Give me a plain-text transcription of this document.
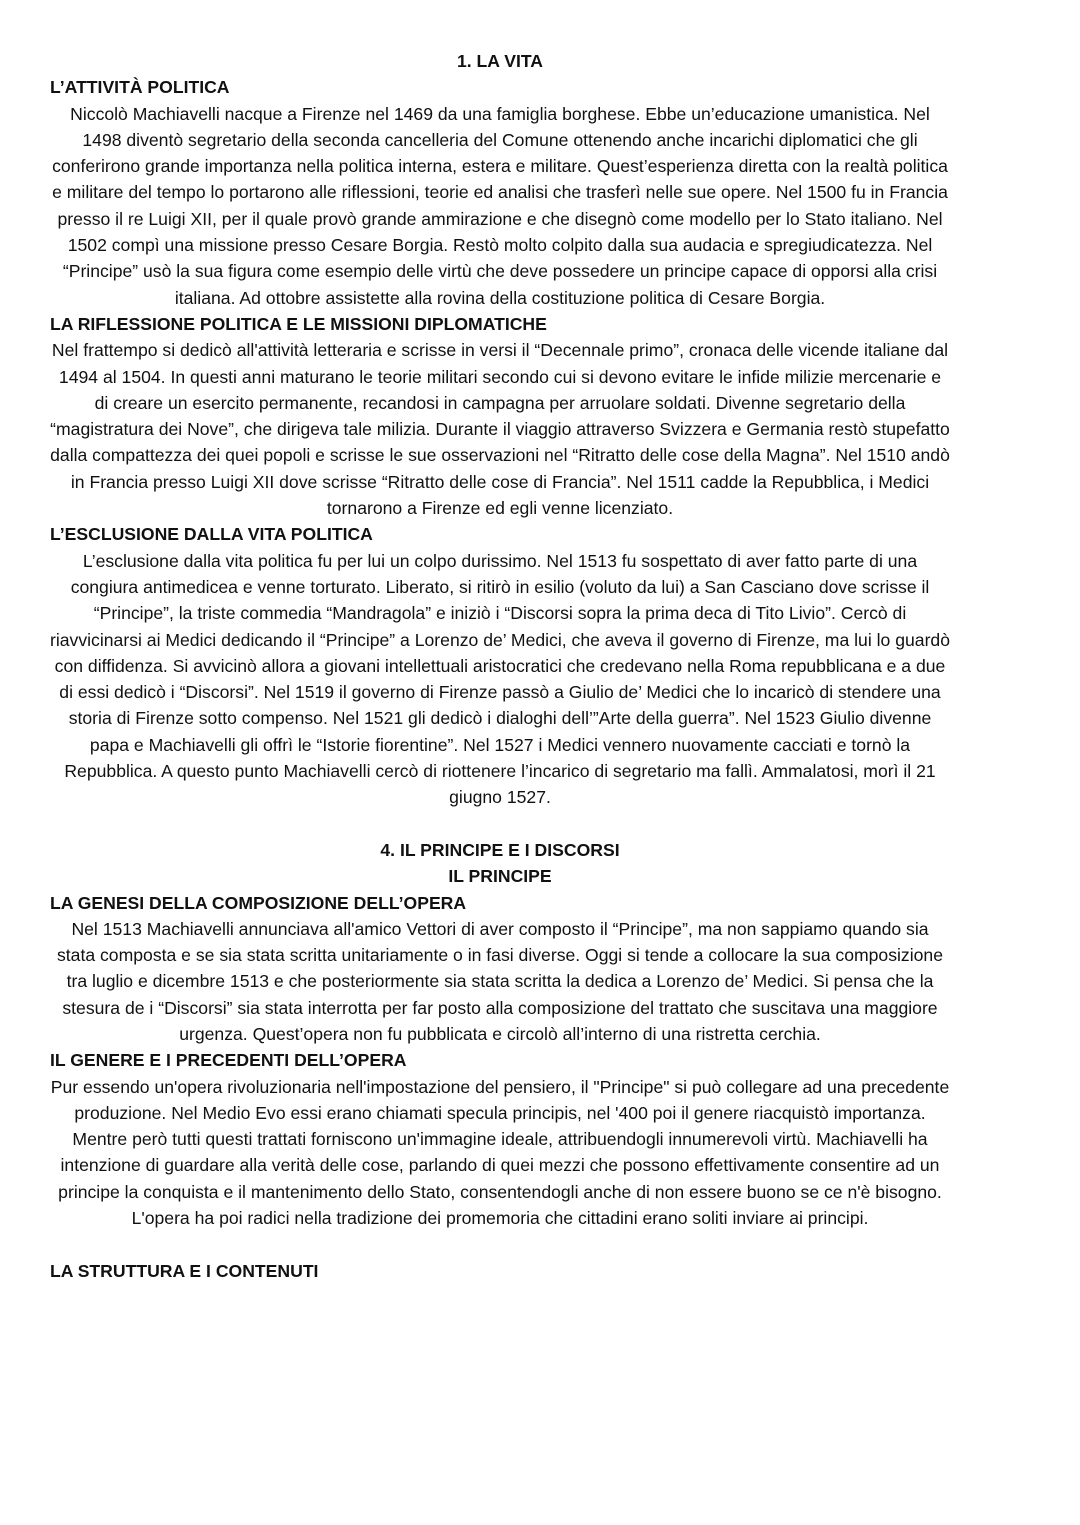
1. LA VITA

L’ATTIVITÀ POLITICA

Niccolò Machiavelli nacque a Firenze nel 1469 da una famiglia borghese. Ebbe un’educazione umanistica. Nel 1498 diventò segretario della seconda cancelleria del Comune ottenendo anche incarichi diplomatici che gli conferirono grande importanza nella politica interna, estera e militare. Quest’esperienza diretta con la realtà politica e militare del tempo lo portarono alle riflessioni, teorie ed analisi che trasferì nelle sue opere. Nel 1500 fu in Francia presso il re Luigi XII, per il quale provò grande ammirazione e che disegnò come modello per lo Stato italiano. Nel 1502 compì una missione presso Cesare Borgia. Restò molto colpito dalla sua audacia e spregiudicatezza. Nel “Principe” usò la sua figura come esempio delle virtù che deve possedere un principe capace di opporsi alla crisi italiana. Ad ottobre assistette alla rovina della costituzione politica di Cesare Borgia.

LA RIFLESSIONE POLITICA E LE MISSIONI DIPLOMATICHE

Nel frattempo si dedicò all'attività letteraria e scrisse in versi il “Decennale primo”, cronaca delle vicende italiane dal 1494 al 1504. In questi anni maturano le teorie militari secondo cui si devono evitare le infide milizie mercenarie e di creare un esercito permanente, recandosi in campagna per arruolare soldati. Divenne segretario della “magistratura dei Nove”, che dirigeva tale milizia. Durante il viaggio attraverso Svizzera e Germania restò stupefatto dalla compattezza dei quei popoli e scrisse le sue osservazioni nel “Ritratto delle cose della Magna”. Nel 1510 andò in Francia presso Luigi XII dove scrisse “Ritratto delle cose di Francia”. Nel 1511 cadde la Repubblica, i Medici tornarono a Firenze ed egli venne licenziato.

L’ESCLUSIONE DALLA VITA POLITICA

L’esclusione dalla vita politica fu per lui un colpo durissimo. Nel 1513 fu sospettato di aver fatto parte di una congiura antimedicea e venne torturato. Liberato, si ritirò in esilio (voluto da lui) a San Casciano dove scrisse il “Principe”, la triste commedia “Mandragola” e iniziò i “Discorsi sopra la prima deca di Tito Livio”. Cercò di riavvicinarsi ai Medici dedicando il “Principe” a Lorenzo de’ Medici, che aveva il governo di Firenze, ma lui lo guardò con diffidenza. Si avvicinò allora a giovani intellettuali aristocratici che credevano nella Roma repubblicana e a due di essi dedicò i “Discorsi”. Nel 1519 il governo di Firenze passò a Giulio de’ Medici che lo incaricò di stendere una storia di Firenze sotto compenso. Nel 1521 gli dedicò i dialoghi dell’”Arte della guerra”. Nel 1523 Giulio divenne papa e Machiavelli gli offrì le “Istorie fiorentine”. Nel 1527 i Medici vennero nuovamente cacciati e tornò la Repubblica. A questo punto Machiavelli cercò di riottenere l’incarico di segretario ma fallì. Ammalatosi, morì il 21 giugno 1527.

4. IL PRINCIPE E I DISCORSI

IL PRINCIPE

LA GENESI DELLA COMPOSIZIONE DELL’OPERA

Nel 1513 Machiavelli annunciava all'amico Vettori di aver composto il “Principe”, ma non sappiamo quando sia stata composta e se sia stata scritta unitariamente o in fasi diverse. Oggi si tende a collocare la sua composizione tra luglio e dicembre 1513 e che posteriormente sia stata scritta la dedica a Lorenzo de’ Medici. Si pensa che la stesura de i “Discorsi” sia stata interrotta per far posto alla composizione del trattato che suscitava una maggiore urgenza. Quest’opera non fu pubblicata e circolò all’interno di una ristretta cerchia.

IL GENERE E I PRECEDENTI DELL’OPERA

Pur essendo un'opera rivoluzionaria nell'impostazione del pensiero, il "Principe" si può collegare ad una precedente produzione. Nel Medio Evo essi erano chiamati specula principis, nel '400 poi il genere riacquistò importanza. Mentre però tutti questi trattati forniscono un'immagine ideale, attribuendogli innumerevoli virtù. Machiavelli ha intenzione di guardare alla verità delle cose, parlando di quei mezzi che possono effettivamente consentire ad un principe la conquista e il mantenimento dello Stato, consentendogli anche di non essere buono se ce n'è bisogno. L'opera ha poi radici nella tradizione dei promemoria che cittadini erano soliti inviare ai principi.

LA STRUTTURA E I CONTENUTI
